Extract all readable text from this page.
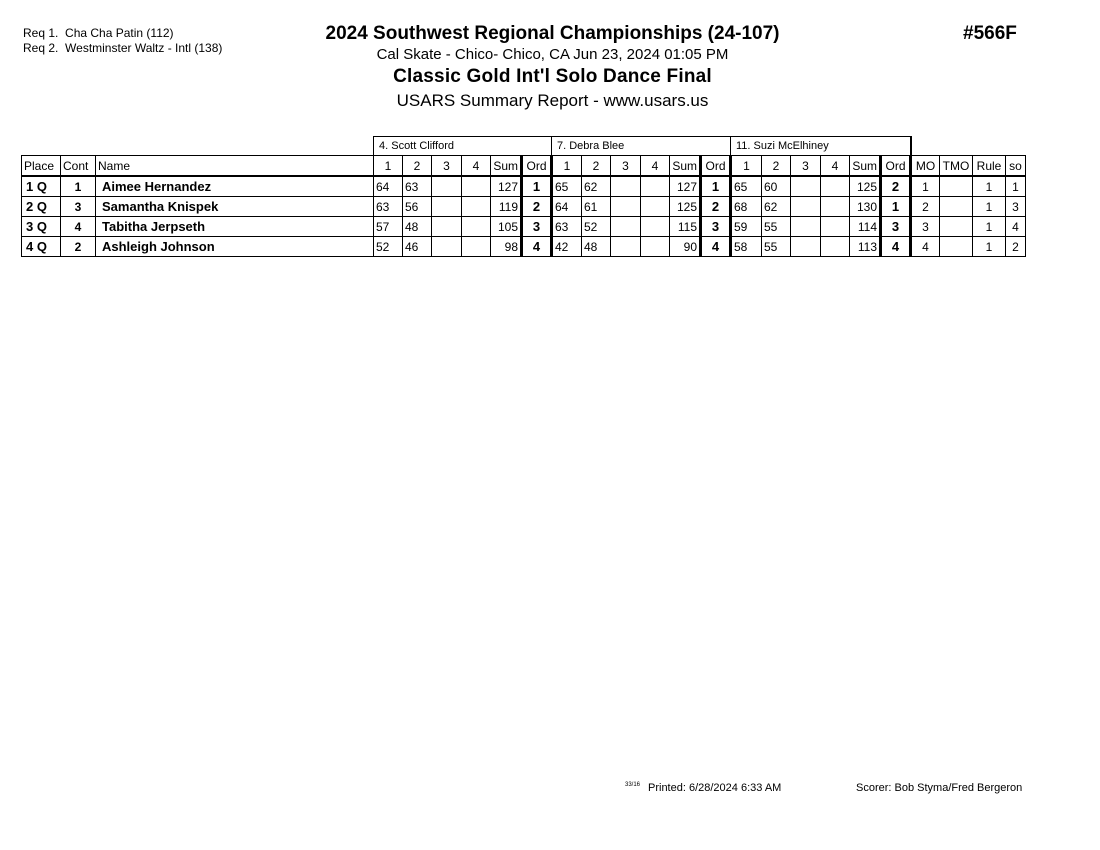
Req 1. Cha Cha Patin (112)
Req 2. Westminster Waltz - Intl (138)
2024 Southwest Regional Championships (24-107)
Cal Skate - Chico- Chico, CA Jun 23, 2024 01:05 PM
Classic Gold Int'l Solo Dance Final
USARS Summary Report - www.usars.us
#566F
			4. Scott Clifford						7. Debra Blee						11. Suzi McElhiney									
Place	Cont	Name	1	2	3	4	Sum	Ord	1	2	3	4	Sum	Ord	1	2	3	4	Sum	Ord	MO	TMO	Rule	so
1 Q	1	Aimee Hernandez	64	63			127	1	65	62			127	1	65	60			125	2	1		1	1
2 Q	3	Samantha Knispek	63	56			119	2	64	61			125	2	68	62			130	1	2		1	3
3 Q	4	Tabitha Jerpseth	57	48			105	3	63	52			115	3	59	55			114	3	3		1	4
4 Q	2	Ashleigh Johnson	52	46			98	4	42	48			90	4	58	55			113	4	4		1	2
33/16 Printed: 6/28/2024 6:33 AM	Scorer: Bob Styma/Fred Bergeron
